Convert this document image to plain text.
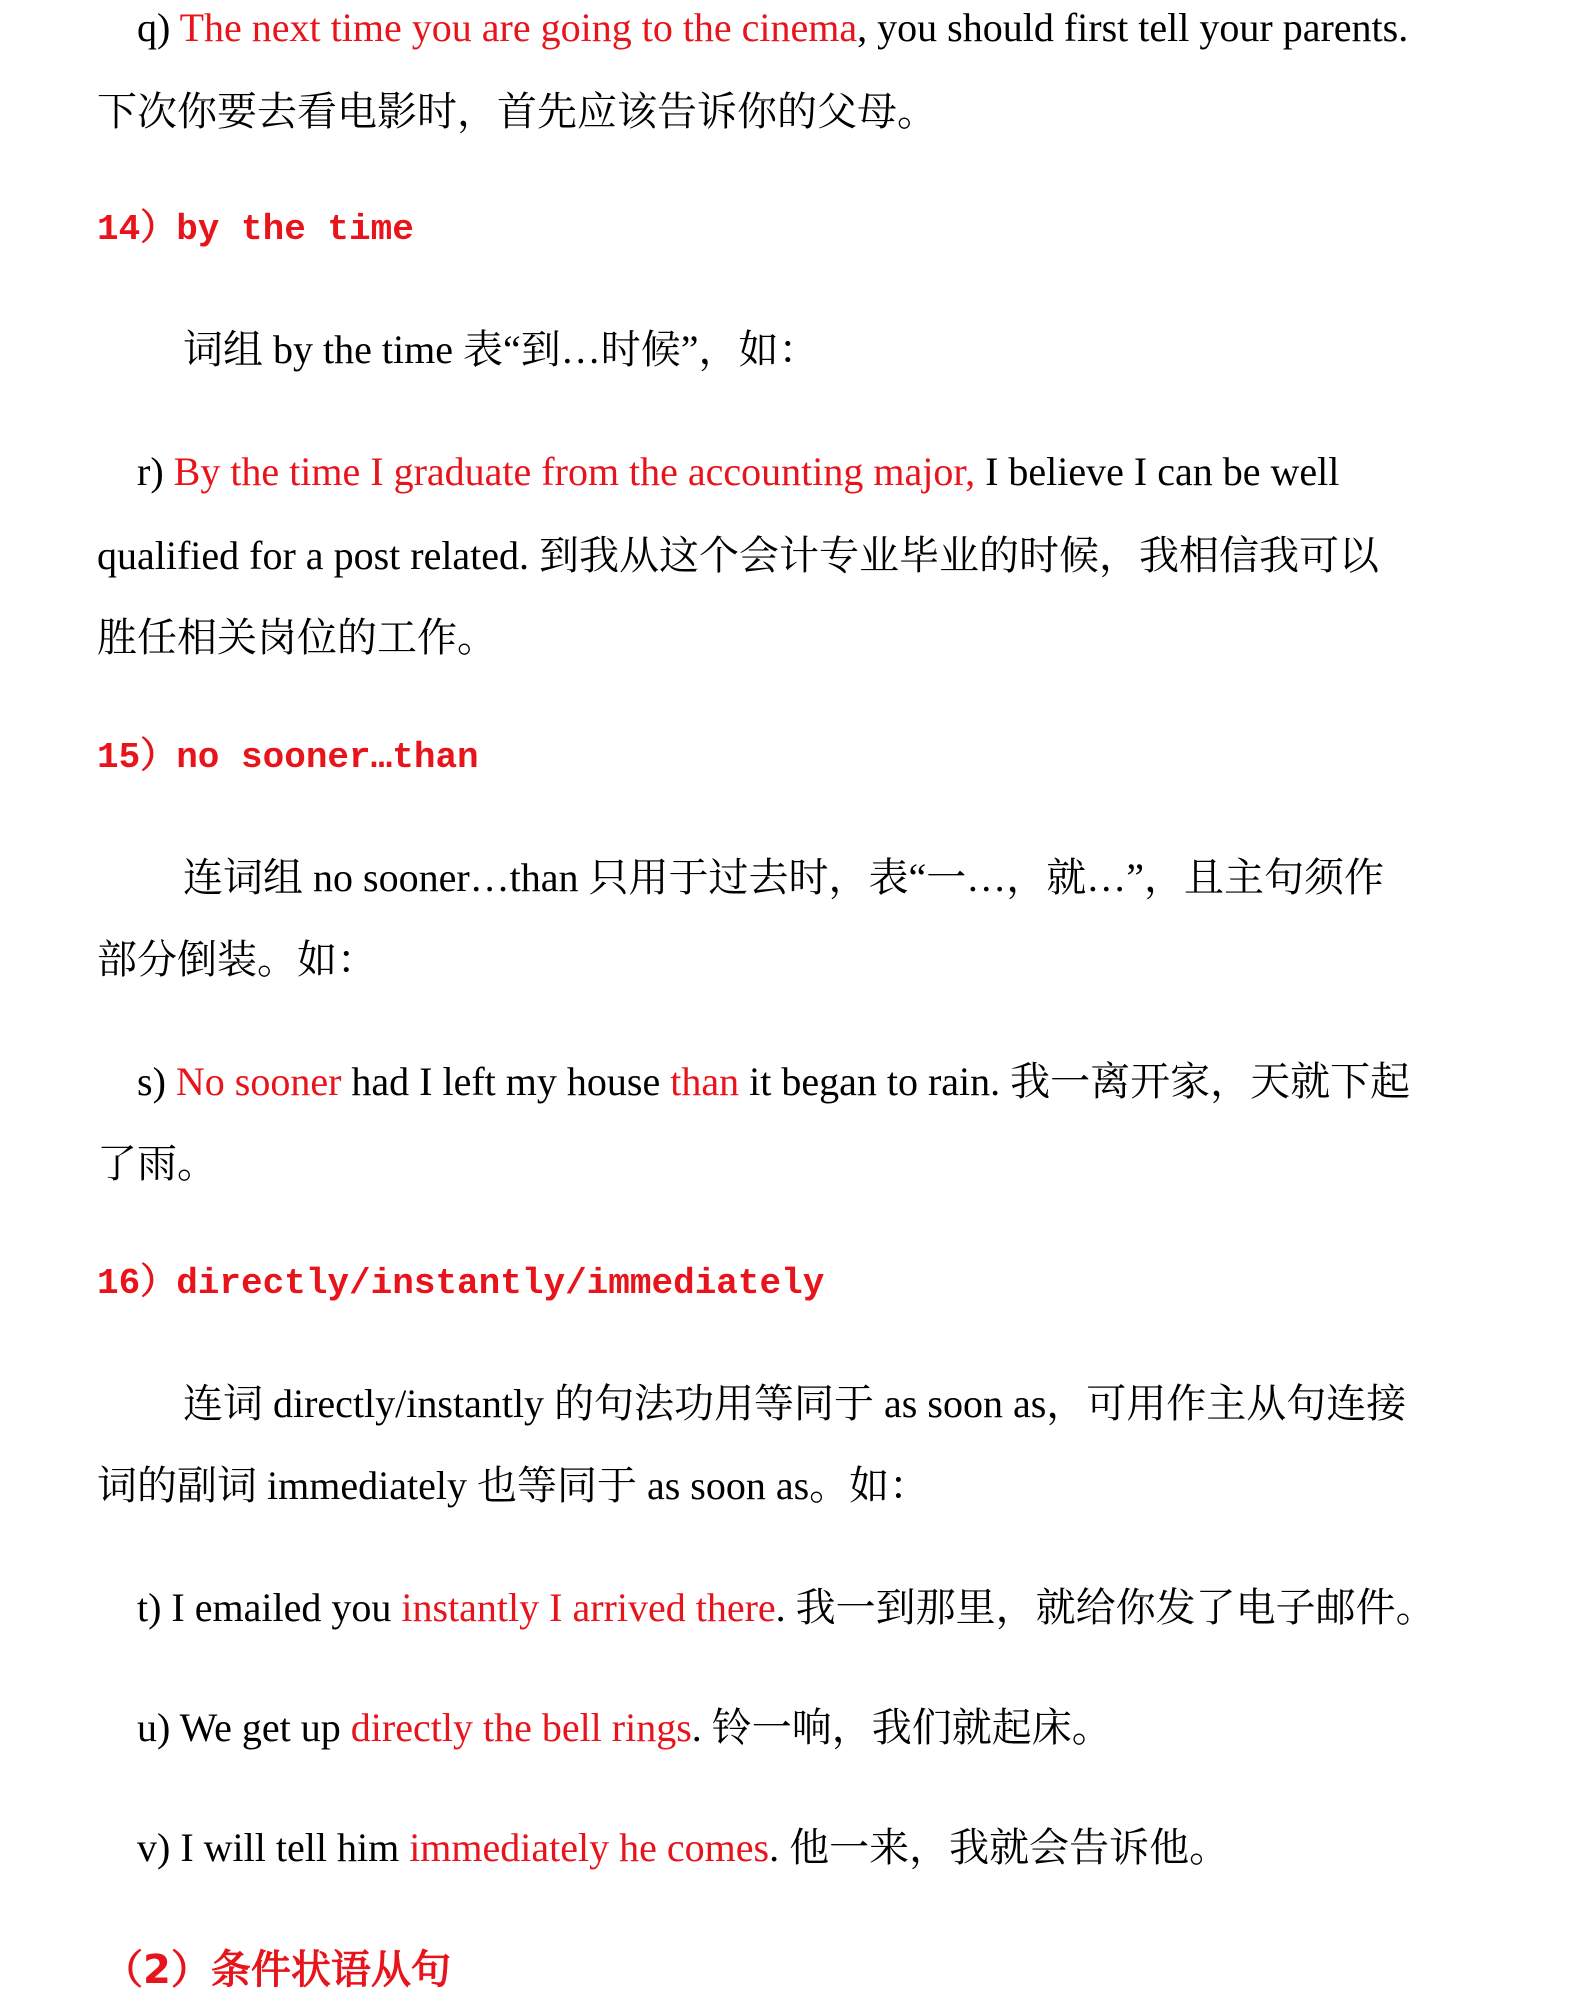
q) The next time you are going to the cinema, you should first tell your parents.
下次你要去看电影时，首先应该告诉你的父母。
14）by the time
词组 by the time 表“到…时候”，如：
r) By the time I graduate from the accounting major, I believe I can be well
qualified for a post related. 到我从这个会计专业毕业的时候，我相信我可以
胜任相关岗位的工作。
15）no sooner…than
连词组 no sooner…than 只用于过去时，表“一…，就…”，且主句须作
部分倒装。如：
s) No sooner had I left my house than it began to rain. 我一离开家，天就下起
了雨。
16）directly/instantly/immediately
连词 directly/instantly 的句法功用等同于 as soon as，可用作主从句连接
词的副词 immediately 也等同于 as soon as。如：
t) I emailed you instantly I arrived there. 我一到那里，就给你发了电子邮件。
u) We get up directly the bell rings. 铃一响，我们就起床。
v) I will tell him immediately he comes. 他一来，我就会告诉他。
（2）条件状语从句
